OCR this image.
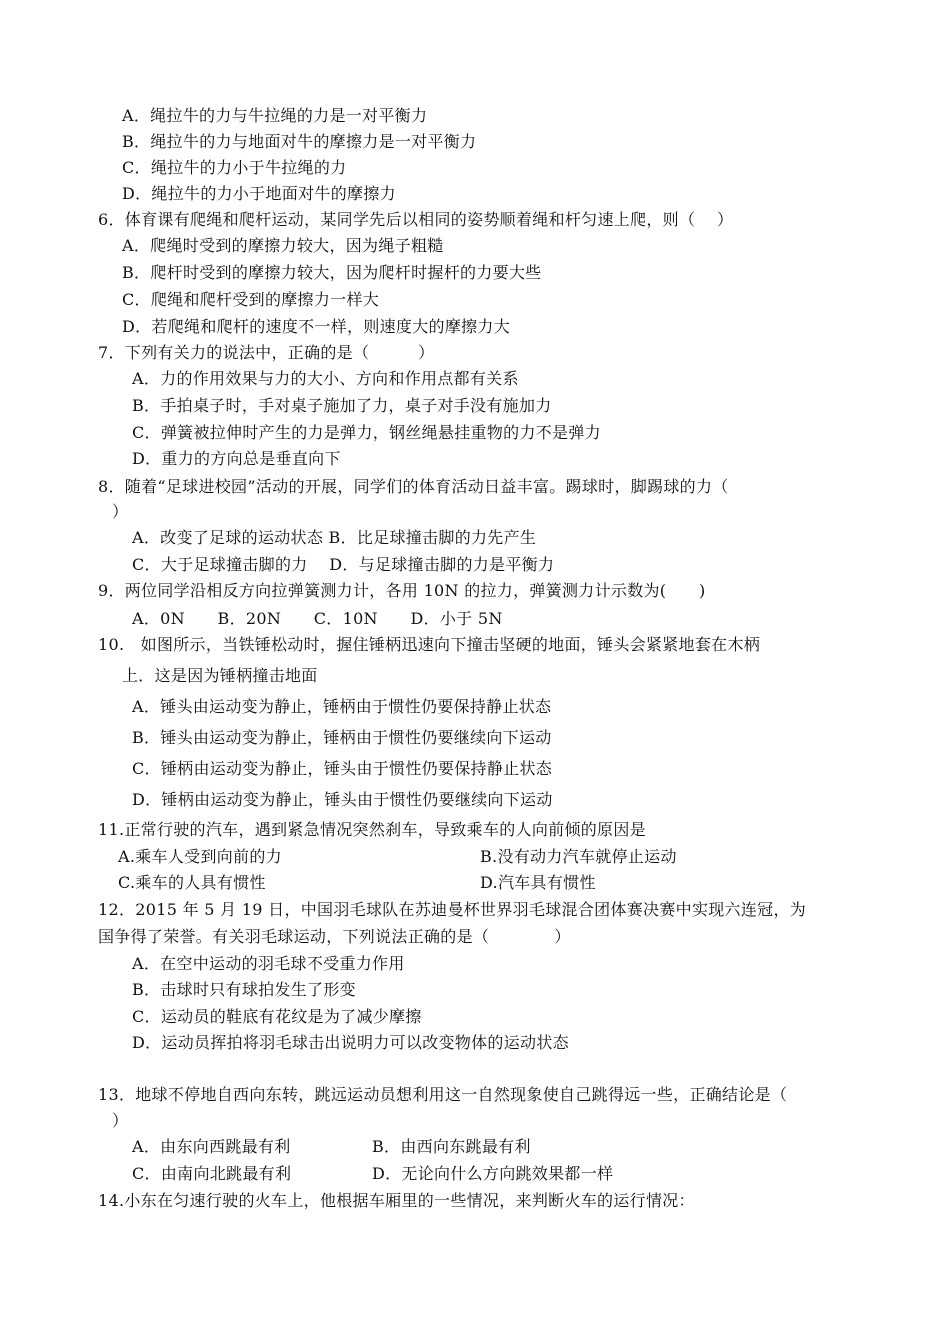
A．绳拉牛的力与牛拉绳的力是一对平衡力
B．绳拉牛的力与地面对牛的摩擦力是一对平衡力
C．绳拉牛的力小于牛拉绳的力
D．绳拉牛的力小于地面对牛的摩擦力
6．体育课有爬绳和爬杆运动，某同学先后以相同的姿势顺着绳和杆匀速上爬，则（　 ）
A．爬绳时受到的摩擦力较大，因为绳子粗糙
B．爬杆时受到的摩擦力较大，因为爬杆时握杆的力要大些
C．爬绳和爬杆受到的摩擦力一样大
D．若爬绳和爬杆的速度不一样，则速度大的摩擦力大
7．下列有关力的说法中，正确的是（　　　）
A．力的作用效果与力的大小、方向和作用点都有关系
B．手拍桌子时，手对桌子施加了力，桌子对手没有施加力
C．弹簧被拉伸时产生的力是弹力，钢丝绳悬挂重物的力不是弹力
D．重力的方向总是垂直向下
8．随着“足球进校园”活动的开展，同学们的体育活动日益丰富。踢球时，脚踢球的力（
）
A．改变了足球的运动状态 B．比足球撞击脚的力先产生
C．大于足球撞击脚的力　 D．与足球撞击脚的力是平衡力
9．两位同学沿相反方向拉弹簧测力计，各用 10N 的拉力，弹簧测力计示数为(　　)
A．0N　　B．20N　　C．10N　　D．小于 5N
10.　如图所示，当铁锤松动时，握住锤柄迅速向下撞击坚硬的地面，锤头会紧紧地套在木柄
上．这是因为锤柄撞击地面
A．锤头由运动变为静止，锤柄由于惯性仍要保持静止状态
B．锤头由运动变为静止，锤柄由于惯性仍要继续向下运动
C．锤柄由运动变为静止，锤头由于惯性仍要保持静止状态
D．锤柄由运动变为静止，锤头由于惯性仍要继续向下运动
11.正常行驶的汽车，遇到紧急情况突然刹车，导致乘车的人向前倾的原因是
A.乘车人受到向前的力	B.没有动力汽车就停止运动
C.乘车的人具有惯性	D.汽车具有惯性
12．2015 年 5 月 19 日，中国羽毛球队在苏迪曼杯世界羽毛球混合团体赛决赛中实现六连冠，为
国争得了荣誉。有关羽毛球运动，下列说法正确的是（　　　　）
A．在空中运动的羽毛球不受重力作用
B．击球时只有球拍发生了形变
C．运动员的鞋底有花纹是为了减少摩擦
D．运动员挥拍将羽毛球击出说明力可以改变物体的运动状态
13．地球不停地自西向东转，跳远运动员想利用这一自然现象使自己跳得远一些，正确结论是（
）
A．由东向西跳最有利	B．由西向东跳最有利
C．由南向北跳最有利	D．无论向什么方向跳效果都一样
14.小东在匀速行驶的火车上，他根据车厢里的一些情况，来判断火车的运行情况：
